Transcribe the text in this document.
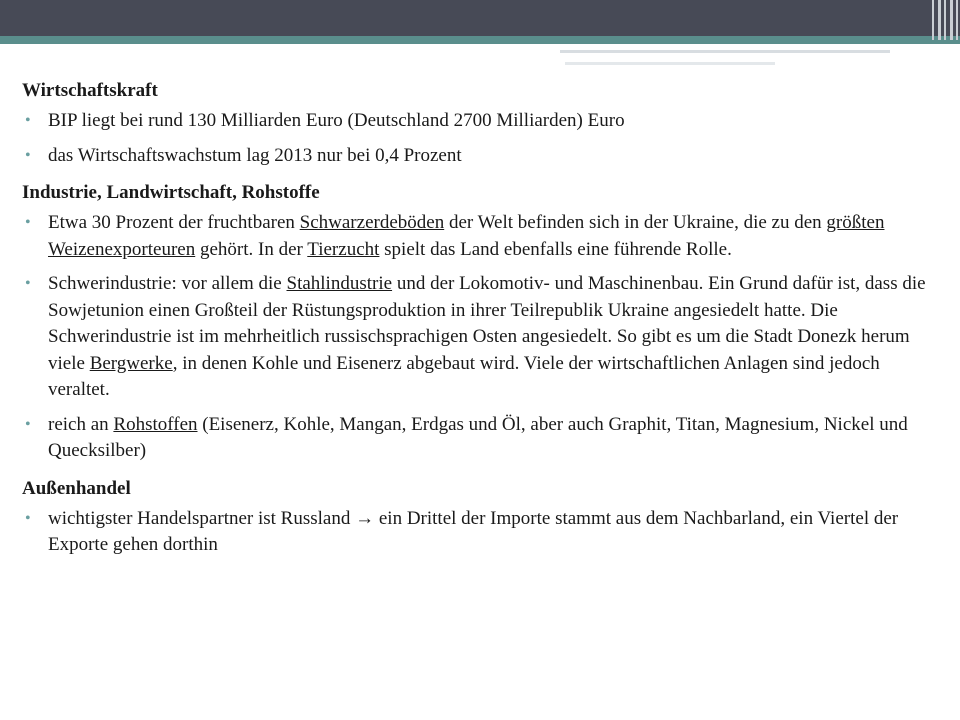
Wirtschaftskraft
• BIP liegt bei rund 130 Milliarden Euro (Deutschland 2700 Milliarden) Euro
• das Wirtschaftswachstum lag 2013 nur bei 0,4 Prozent
Industrie, Landwirtschaft, Rohstoffe
• Etwa 30 Prozent der fruchtbaren Schwarzerdeböden der Welt befinden sich in der Ukraine, die zu den größten Weizenexporteuren gehört. In der Tierzucht spielt das Land ebenfalls eine führende Rolle.
• Schwerindustrie: vor allem die Stahlindustrie und der Lokomotiv- und Maschinenbau. Ein Grund dafür ist, dass die Sowjetunion einen Großteil der Rüstungsproduktion in ihrer Teilrepublik Ukraine angesiedelt hatte. Die Schwerindustrie ist im mehrheitlich russischsprachigen Osten angesiedelt. So gibt es um die Stadt Donezk herum viele Bergwerke, in denen Kohle und Eisenerz abgebaut wird. Viele der wirtschaftlichen Anlagen sind jedoch veraltet.
• reich an Rohstoffen (Eisenerz, Kohle, Mangan, Erdgas und Öl, aber auch Graphit, Titan, Magnesium, Nickel und Quecksilber)
Außenhandel
• wichtigster Handelspartner ist Russland → ein Drittel der Importe stammt aus dem Nachbarland, ein Viertel der Exporte gehen dorthin
